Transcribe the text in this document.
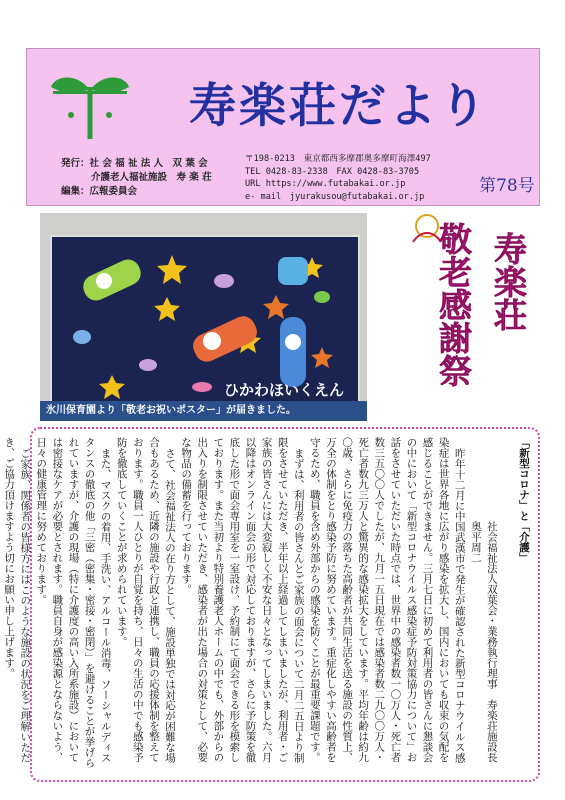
寿楽荘だより
発行：社 会 福 祉 法 人　双 葉 会
介護老人福祉施設　寿 楽 荘
編集：広報委員会
〒198-0213　東京都西多摩郡奥多摩町海澤497
TEL 0428-83-2338　FAX 0428-83-3705
URL https://www.futabakai.or.jp
e- mail　jyurakusou@futabakai.or.jp
第78号
ひかわほいくえん
氷川保育園より「敬老お祝いポスター」が届きました。
寿楽荘
敬老感謝祭

「新型コロナ」と「介護」

社会福祉法人双葉会・業務執行理事　寿楽荘施設長　奥平周二

昨年十二月に中国武漢市で発生が確認された新型コロナウイルス感染症は世界各地に広がり感染を拡大し、国内においても収束の気配を感じることができません。三月七日に初めて利用者の皆さんに懇談会の中において「新型コロナウイルス感染症予防対策協力について」お話をさせていただいた時点では、世界中の感染者数一〇万人・死亡者数三五〇〇人でしたが、九月一五日現在では感染者数二九〇〇万人・死亡者数九三万人と驚異的な感染拡大をしています。平均年齢は約九〇歳、さらに免疫力の落ちた高齢者が共同生活を送る施設の性質上、万全の体制をとり感染予防に努めています。重症化しやすい高齢者を守るため、職員を含め外部からの感染を防ぐことが最重要課題です。

まずは、利用者の皆さんとご家族の面会について二月二五日より制限をさせていただき、半年以上経過してしまいましたが、利用者・ご家族の皆さんには大変寂しく不安な日々となってしまいました。六月以降はオンライン面会の形で対応しておりますが、さらに予防策を徹底した形で面会専用室を一室設け、予約制にて面会できる形を模索しております。また当初より特別養護老人ホームの中でも、外部からの出入りを制限させていただき、感染者が出た場合の対策として、必要な物品の備蓄を行っております。

さて、社会福祉法人の在り方として、施設単独では対応が困難な場合もあるため、近隣の施設や行政と連携し、職員の応援体制を整えております。職員一人ひとりが自覚を持ち、日々の生活の中でも感染予防を徹底していくことが求められています。

また、マスクの着用、手洗い、アルコール消毒、ソーシャルディスタンスの徹底の他「三密（密集・密接・密閉）」を避けることが挙げられていますが、介護の現場（特に介護度の高い入所系施設）においては密接なケアが必要とされます。職員自身が感染源とならないよう、日々の健康管理に努めております。

ご家族、関係者の皆様方にはこのような施設の状況をご理解いただき、ご協力頂けますよう切にお願い申し上げます。
